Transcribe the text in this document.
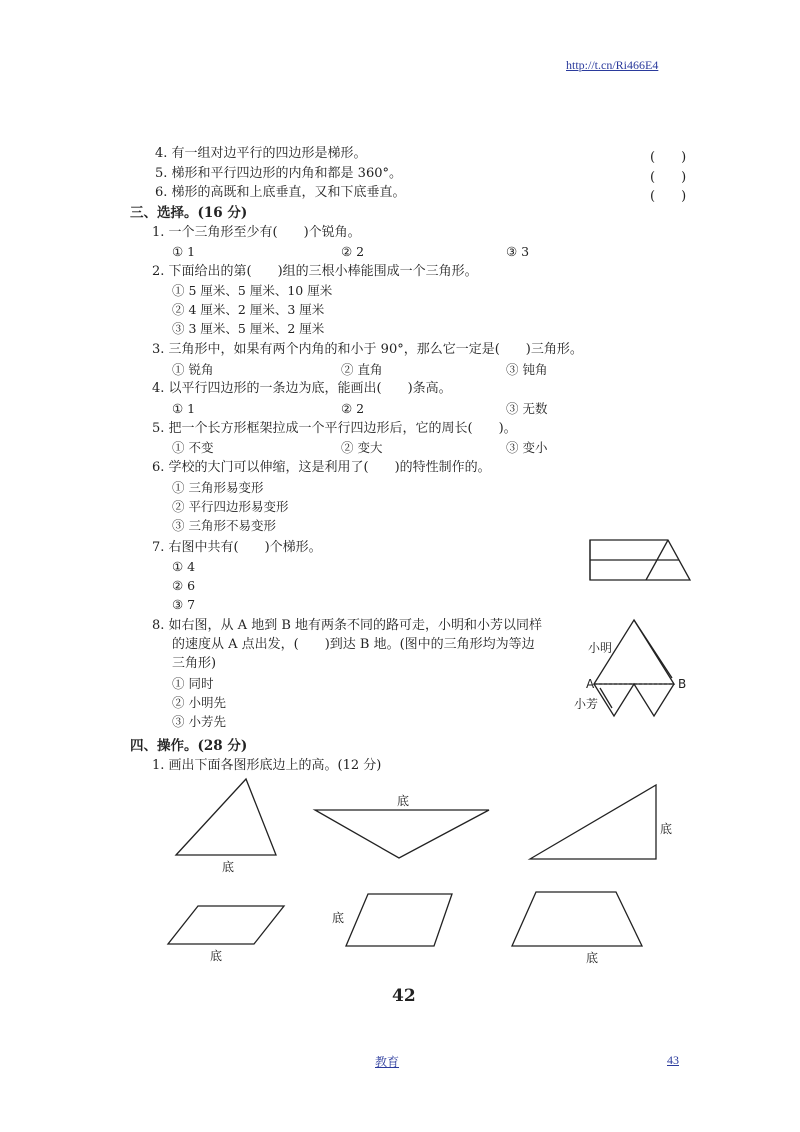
http://t.cn/Ri466E4
4. 有一组对边平行的四边形是梯形。	(　　)
5. 梯形和平行四边形的内角和都是 360°。	(　　)
6. 梯形的高既和上底垂直，又和下底垂直。	(　　)
三、选择。(16 分)
1. 一个三角形至少有(　　)个锐角。
① 1	② 2	③ 3
2. 下面给出的第(　　)组的三根小棒能围成一个三角形。
① 5 厘米、5 厘米、10 厘米
② 4 厘米、2 厘米、3 厘米
③ 3 厘米、5 厘米、2 厘米
3. 三角形中，如果有两个内角的和小于 90°，那么它一定是(　　)三角形。
① 锐角	② 直角	③ 钝角
4. 以平行四边形的一条边为底，能画出(　　)条高。
① 1	② 2	③ 无数
5. 把一个长方形框架拉成一个平行四边形后，它的周长(　　)。
① 不变	② 变大	③ 变小
6. 学校的大门可以伸缩，这是利用了(　　)的特性制作的。
① 三角形易变形
② 平行四边形易变形
③ 三角形不易变形
7. 右图中共有(　　)个梯形。
① 4
② 6
③ 7
8. 如右图，从 A 地到 B 地有两条不同的路可走，小明和小芳以同样
的速度从 A 点出发，(　　)到达 B 地。(图中的三角形均为等边
三角形)
① 同时
② 小明先
③ 小芳先
A	B
小明
小芳
四、操作。(28 分)
1. 画出下面各图形底边上的高。(12 分)
底
底
底
底
底
底
42
教育	43
